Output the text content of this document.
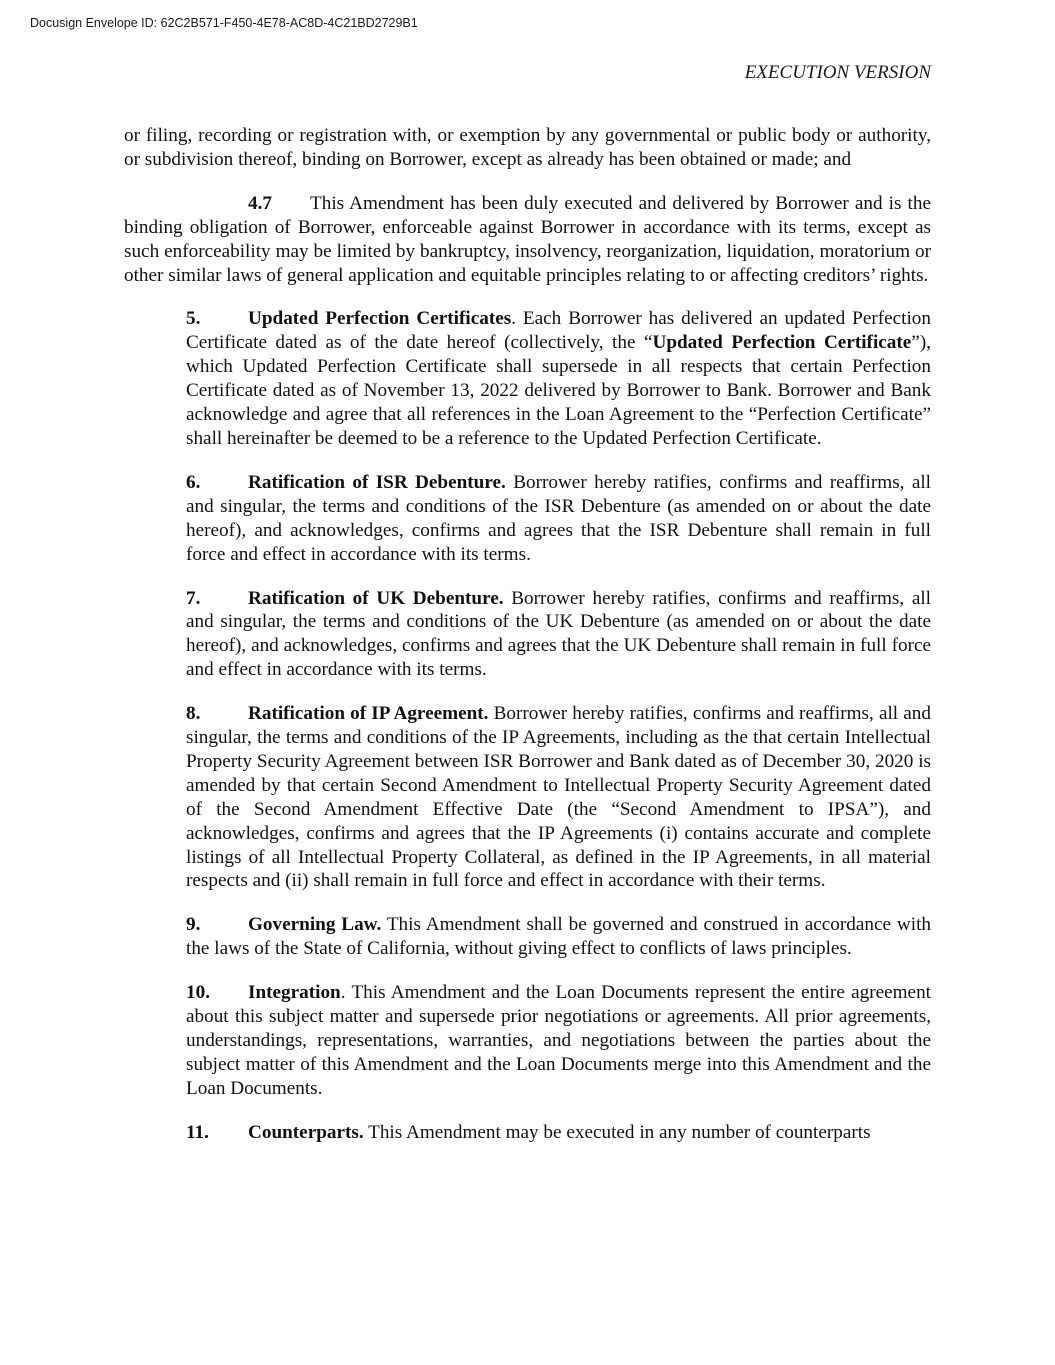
Docusign Envelope ID: 62C2B571-F450-4E78-AC8D-4C21BD2729B1
EXECUTION VERSION

or filing, recording or registration with, or exemption by any governmental or public body or authority, or subdivision thereof, binding on Borrower, except as already has been obtained or made; and

4.7 This Amendment has been duly executed and delivered by Borrower and is the binding obligation of Borrower, enforceable against Borrower in accordance with its terms, except as such enforceability may be limited by bankruptcy, insolvency, reorganization, liquidation, moratorium or other similar laws of general application and equitable principles relating to or affecting creditors’ rights.

5. Updated Perfection Certificates. Each Borrower has delivered an updated Perfection Certificate dated as of the date hereof (collectively, the “Updated Perfection Certificate”), which Updated Perfection Certificate shall supersede in all respects that certain Perfection Certificate dated as of November 13, 2022 delivered by Borrower to Bank. Borrower and Bank acknowledge and agree that all references in the Loan Agreement to the “Perfection Certificate” shall hereinafter be deemed to be a reference to the Updated Perfection Certificate.

6. Ratification of ISR Debenture. Borrower hereby ratifies, confirms and reaffirms, all and singular, the terms and conditions of the ISR Debenture (as amended on or about the date hereof), and acknowledges, confirms and agrees that the ISR Debenture shall remain in full force and effect in accordance with its terms.

7. Ratification of UK Debenture. Borrower hereby ratifies, confirms and reaffirms, all and singular, the terms and conditions of the UK Debenture (as amended on or about the date hereof), and acknowledges, confirms and agrees that the UK Debenture shall remain in full force and effect in accordance with its terms.

8. Ratification of IP Agreement. Borrower hereby ratifies, confirms and reaffirms, all and singular, the terms and conditions of the IP Agreements, including as the that certain Intellectual Property Security Agreement between ISR Borrower and Bank dated as of December 30, 2020 is amended by that certain Second Amendment to Intellectual Property Security Agreement dated of the Second Amendment Effective Date (the “Second Amendment to IPSA”), and acknowledges, confirms and agrees that the IP Agreements (i) contains accurate and complete listings of all Intellectual Property Collateral, as defined in the IP Agreements, in all material respects and (ii) shall remain in full force and effect in accordance with their terms.

9. Governing Law. This Amendment shall be governed and construed in accordance with the laws of the State of California, without giving effect to conflicts of laws principles.

10. Integration. This Amendment and the Loan Documents represent the entire agreement about this subject matter and supersede prior negotiations or agreements. All prior agreements, understandings, representations, warranties, and negotiations between the parties about the subject matter of this Amendment and the Loan Documents merge into this Amendment and the Loan Documents.

11. Counterparts. This Amendment may be executed in any number of counterparts
